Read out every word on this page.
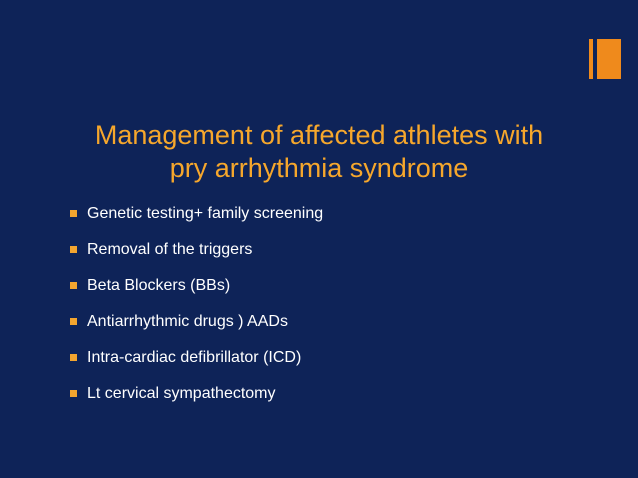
Management of affected athletes with
pry arrhythmia syndrome
Genetic testing+ family screening
Removal of the triggers
Beta Blockers (BBs)
Antiarrhythmic drugs ) AADs
Intra-cardiac defibrillator (ICD)
Lt cervical sympathectomy
